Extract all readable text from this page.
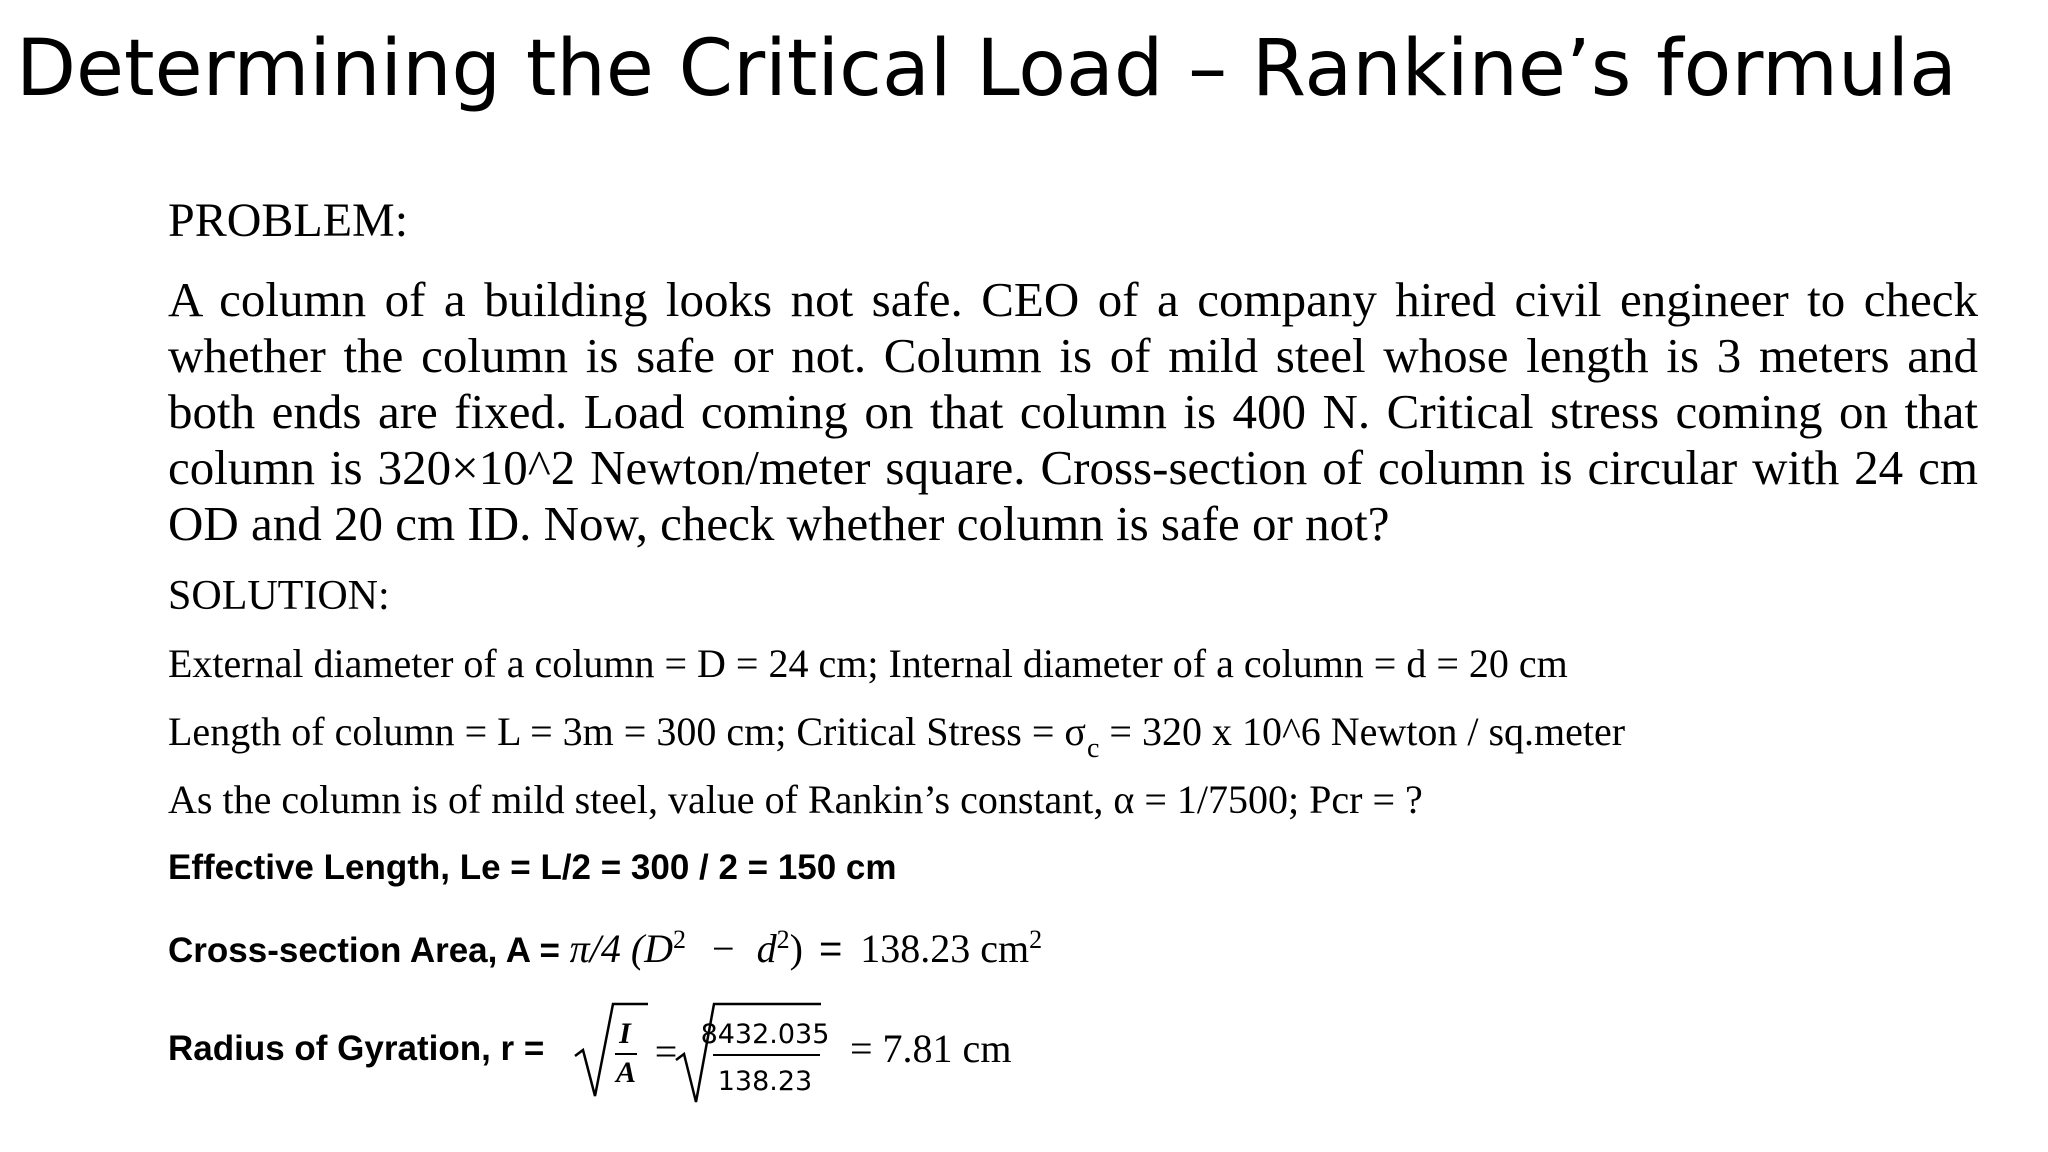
Determining the Critical Load – Rankine’s formula
PROBLEM:
A column of a building looks not safe. CEO of a company hired civil engineer to check whether the column is safe or not. Column is of mild steel whose length is 3 meters and both ends are fixed. Load coming on that column is 400 N. Critical stress coming on that column is 320×10^2 Newton/meter square. Cross-section of column is circular with 24 cm OD and 20 cm ID. Now, check whether column is safe or not?
SOLUTION:
External diameter of a column = D = 24 cm; Internal diameter of a column = d = 20 cm
Length of column = L = 3m = 300 cm; Critical Stress = $\sigma_c = 320$ x 10^6 Newton / sq.meter
As the column is of mild steel, value of Rankin’s constant, α = 1/7500; Pcr = ?
Effective Length, Le = L/2 = 300 / 2 = 150 cm
Cross-section Area, A = π/4 $(D^2 - d^2) = 138.23$ $cm^2$
Radius of Gyration, r = I
A = 8432.035
138.23
= 7.81 cm
